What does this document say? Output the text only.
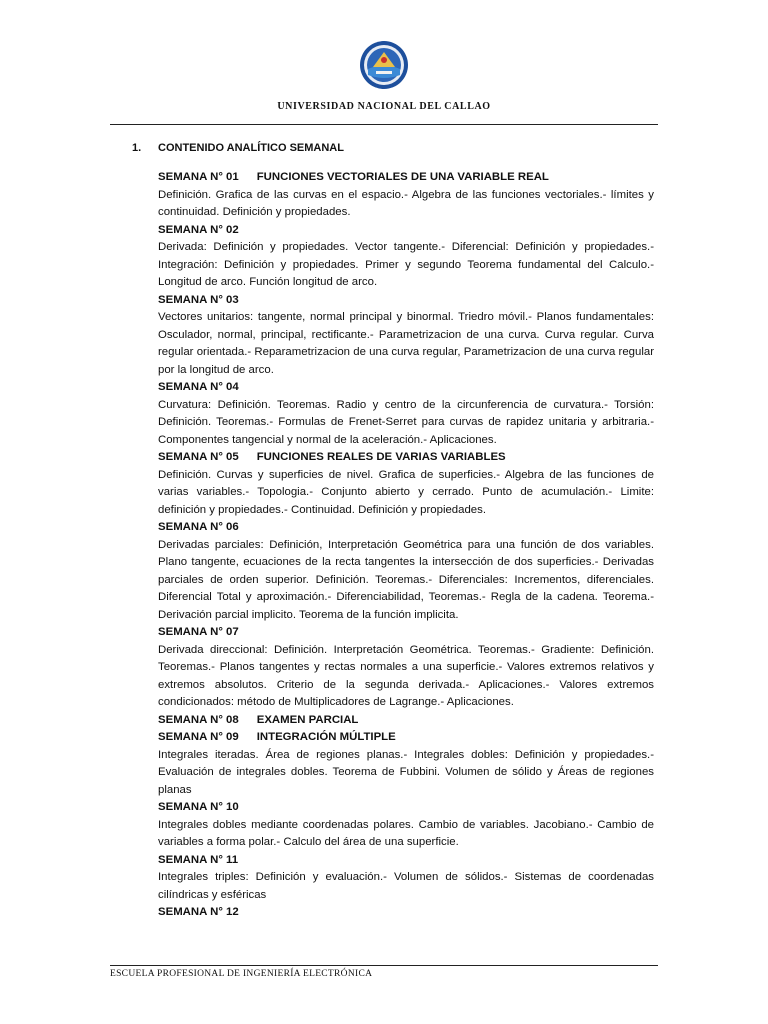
UNIVERSIDAD NACIONAL DEL CALLAO
1. CONTENIDO ANALÍTICO SEMANAL
SEMANA N° 01 FUNCIONES VECTORIALES DE UNA VARIABLE REAL

Definición. Grafica de las curvas en el espacio.- Algebra de las funciones vectoriales.- límites y continuidad. Definición y propiedades.

SEMANA N° 02

Derivada: Definición y propiedades. Vector tangente.- Diferencial: Definición y propiedades.- Integración: Definición y propiedades. Primer y segundo Teorema fundamental del Calculo.- Longitud de arco. Función longitud de arco.

SEMANA N° 03

Vectores unitarios: tangente, normal principal y binormal. Triedro móvil.- Planos fundamentales: Osculador, normal, principal, rectificante.- Parametrizacion de una curva. Curva regular. Curva regular orientada.- Reparametrizacion de una curva regular, Parametrizacion de una curva regular por la longitud de arco.

SEMANA N° 04

Curvatura: Definición. Teoremas. Radio y centro de la circunferencia de curvatura.- Torsión: Definición. Teoremas.- Formulas de Frenet-Serret para curvas de rapidez unitaria y arbitraria.- Componentes tangencial y normal de la aceleración.- Aplicaciones.

SEMANA N° 05 FUNCIONES REALES DE VARIAS VARIABLES

Definición. Curvas y superficies de nivel. Grafica de superficies.- Algebra de las funciones de varias variables.- Topologia.- Conjunto abierto y cerrado. Punto de acumulación.- Limite: definición y propiedades.- Continuidad. Definición y propiedades.

SEMANA N° 06

Derivadas parciales: Definición, Interpretación Geométrica para una función de dos variables. Plano tangente, ecuaciones de la recta tangentes la intersección de dos superficies.- Derivadas parciales de orden superior. Definición. Teoremas.- Diferenciales: Incrementos, diferenciales. Diferencial Total y aproximación.- Diferenciabilidad, Teoremas.- Regla de la cadena. Teorema.- Derivación parcial implicito. Teorema de la función implicita.

SEMANA N° 07

Derivada direccional: Definición. Interpretación Geométrica. Teoremas.- Gradiente: Definición. Teoremas.- Planos tangentes y rectas normales a una superficie.- Valores extremos relativos y extremos absolutos. Criterio de la segunda derivada.- Aplicaciones.- Valores extremos condicionados: método de Multiplicadores de Lagrange.- Aplicaciones.

SEMANA N° 08 EXAMEN PARCIAL
SEMANA N° 09 INTEGRACIÓN MÚLTIPLE

Integrales iteradas. Área de regiones planas.- Integrales dobles: Definición y propiedades.- Evaluación de integrales dobles. Teorema de Fubbini. Volumen de sólido y Áreas de regiones planas

SEMANA N° 10

Integrales dobles mediante coordenadas polares. Cambio de variables. Jacobiano.- Cambio de variables a forma polar.- Calculo del área de una superficie.

SEMANA N° 11

Integrales triples: Definición y evaluación.- Volumen de sólidos.- Sistemas de coordenadas cilíndricas y esféricas

SEMANA N° 12
ESCUELA PROFESIONAL DE INGENIERÍA ELECTRÓNICA
